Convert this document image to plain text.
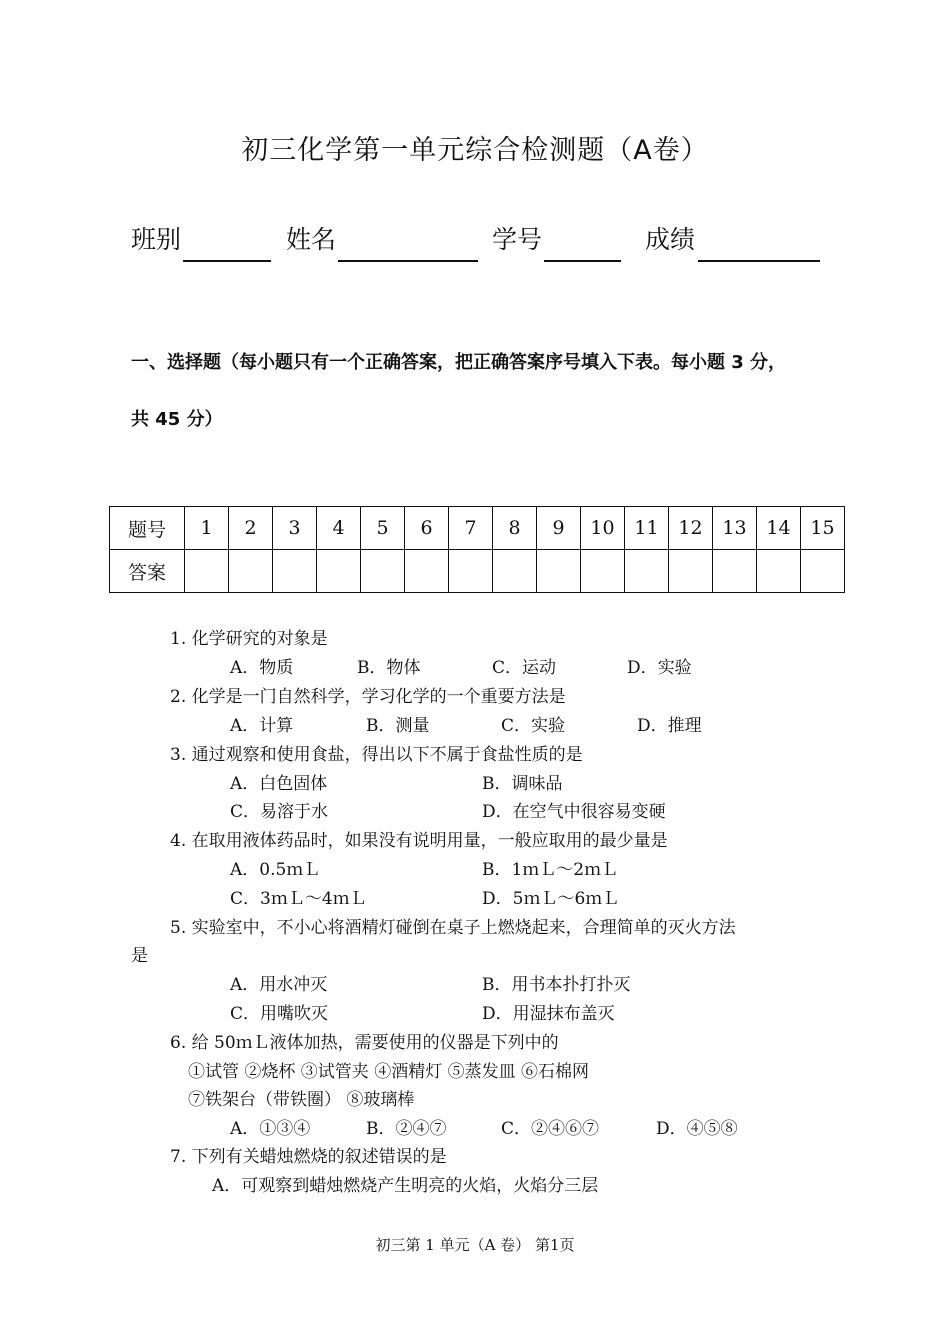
初三化学第一单元综合检测题（A卷）
班别	姓名	学号	成绩
一、选择题（每小题只有一个正确答案，把正确答案序号填入下表。每小题 3 分，
共 45 分）
题号	1	2	3	4	5	6	7	8	9	10	11	12	13	14	15
答案															
1. 化学研究的对象是
A．物质	B．物体	C．运动	D．实验
2. 化学是一门自然科学，学习化学的一个重要方法是
A．计算	B．测量	C．实验	D．推理
3. 通过观察和使用食盐，得出以下不属于食盐性质的是
A．白色固体	B．调味品
C．易溶于水	D．在空气中很容易变硬
4. 在取用液体药品时，如果没有说明用量，一般应取用的最少量是
A．0.5ｍＬ	B．1ｍＬ～2ｍＬ
C．3ｍＬ～4ｍＬ	D．5ｍＬ～6ｍＬ
5. 实验室中，不小心将酒精灯碰倒在桌子上燃烧起来，合理简单的灭火方法
是
A．用水冲灭	B．用书本扑打扑灭
C．用嘴吹灭	D．用湿抹布盖灭
6. 给 50ｍＬ液体加热，需要使用的仪器是下列中的
①试管 ②烧杯 ③试管夹 ④酒精灯 ⑤蒸发皿 ⑥石棉网
⑦铁架台（带铁圈） ⑧玻璃棒
A．①③④	B．②④⑦	C．②④⑥⑦	D．④⑤⑧
7. 下列有关蜡烛燃烧的叙述错误的是
A．可观察到蜡烛燃烧产生明亮的火焰，火焰分三层
初三第 1 单元（A 卷） 第1页
